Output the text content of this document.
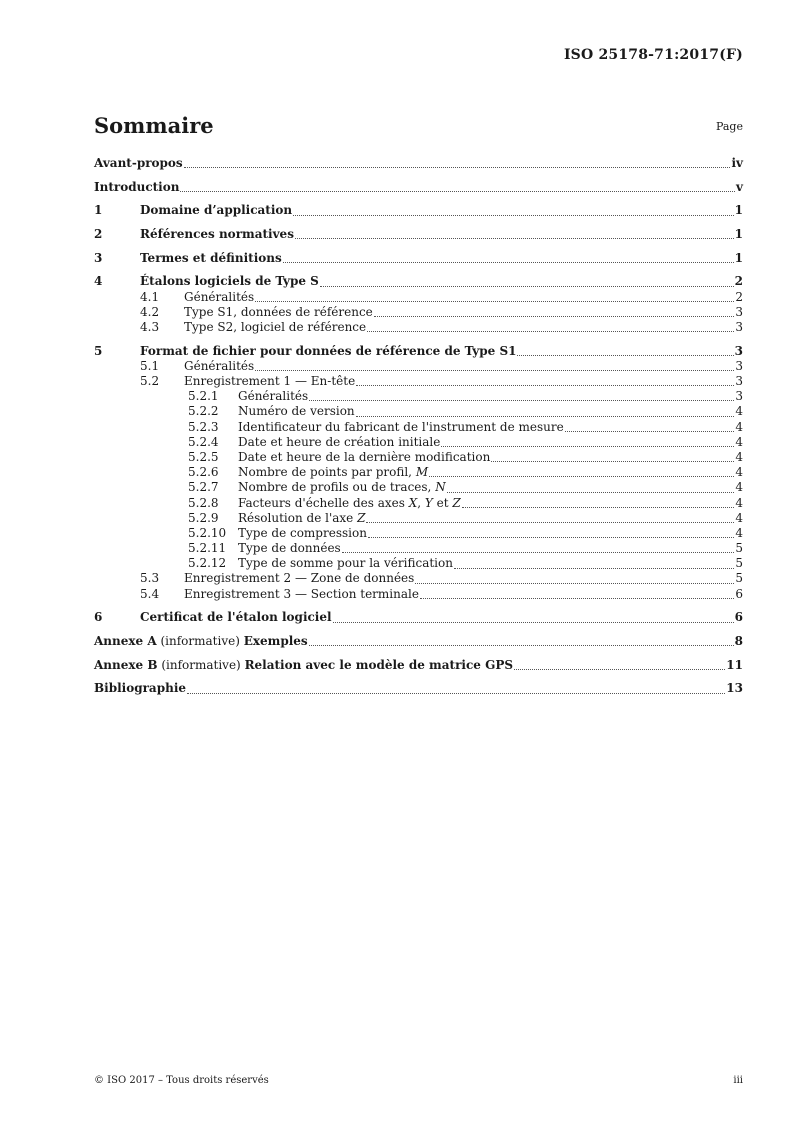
ISO 25178-71:2017(F)
Sommaire	Page
Avant-propos	iv
Introduction	v
1	Domaine d’application	1
2	Références normatives	1
3	Termes et définitions	1
4	Étalons logiciels de Type S	2
4.1	Généralités	2
4.2	Type S1, données de référence	3
4.3	Type S2, logiciel de référence	3
5	Format de fichier pour données de référence de Type S1	3
5.1	Généralités	3
5.2	Enregistrement 1 — En-tête	3
5.2.1	Généralités	3
5.2.2	Numéro de version	4
5.2.3	Identificateur du fabricant de l'instrument de mesure	4
5.2.4	Date et heure de création initiale	4
5.2.5	Date et heure de la dernière modification	4
5.2.6	Nombre de points par profil, M	4
5.2.7	Nombre de profils ou de traces, N	4
5.2.8	Facteurs d'échelle des axes X, Y et Z	4
5.2.9	Résolution de l'axe Z	4
5.2.10 Type de compression	4
5.2.11 Type de données	5
5.2.12 Type de somme pour la vérification	5
5.3	Enregistrement 2 — Zone de données	5
5.4	Enregistrement 3 — Section terminale	6
6	Certificat de l'étalon logiciel	6
Annexe A (informative) Exemples	8
Annexe B (informative) Relation avec le modèle de matrice GPS	11
Bibliographie	13
© ISO 2017 – Tous droits réservés	iii
